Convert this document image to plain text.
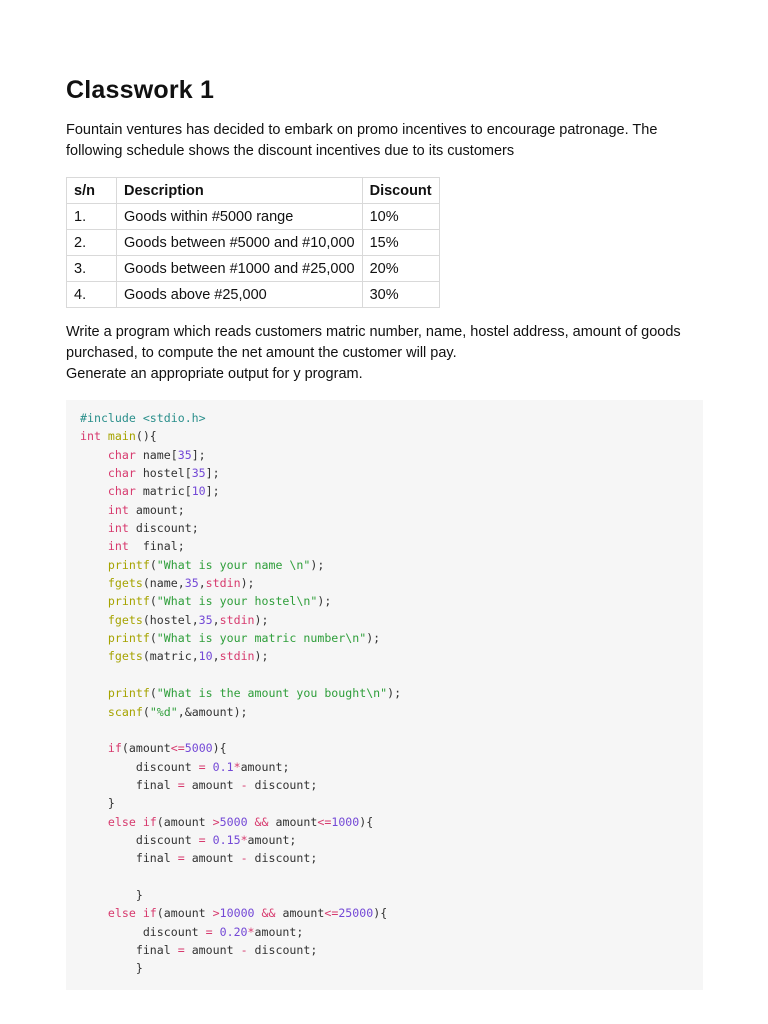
Classwork 1

Fountain ventures has decided to embark on promo incentives to encourage patronage. The following schedule shows the discount incentives due to its customers

s/n	Description	Discount
1.	Goods within #5000 range	10%
2.	Goods between #5000 and #10,000	15%
3.	Goods between #1000 and #25,000	20%
4.	Goods above #25,000	30%
Write a program which reads customers matric number, name, hostel address, amount of goods purchased, to compute the net amount the customer will pay.
Generate an appropriate output for y program.
#include <stdio.h>
int main(){
char name[35];
char hostel[35];
char matric[10];
int amount;
int discount;
int  final;
printf("What is your name \n");
fgets(name,35,stdin);
printf("What is your hostel\n");
fgets(hostel,35,stdin);
printf("What is your matric number\n");
fgets(matric,10,stdin);
printf("What is the amount you bought\n");
scanf("%d",&amount);
if(amount<=5000){
discount = 0.1*amount;
final = amount - discount;
}
else if(amount >5000 && amount<=1000){
discount = 0.15*amount;
final = amount - discount;
}
else if(amount >10000 && amount<=25000){
discount = 0.20*amount;
final = amount - discount;
}
